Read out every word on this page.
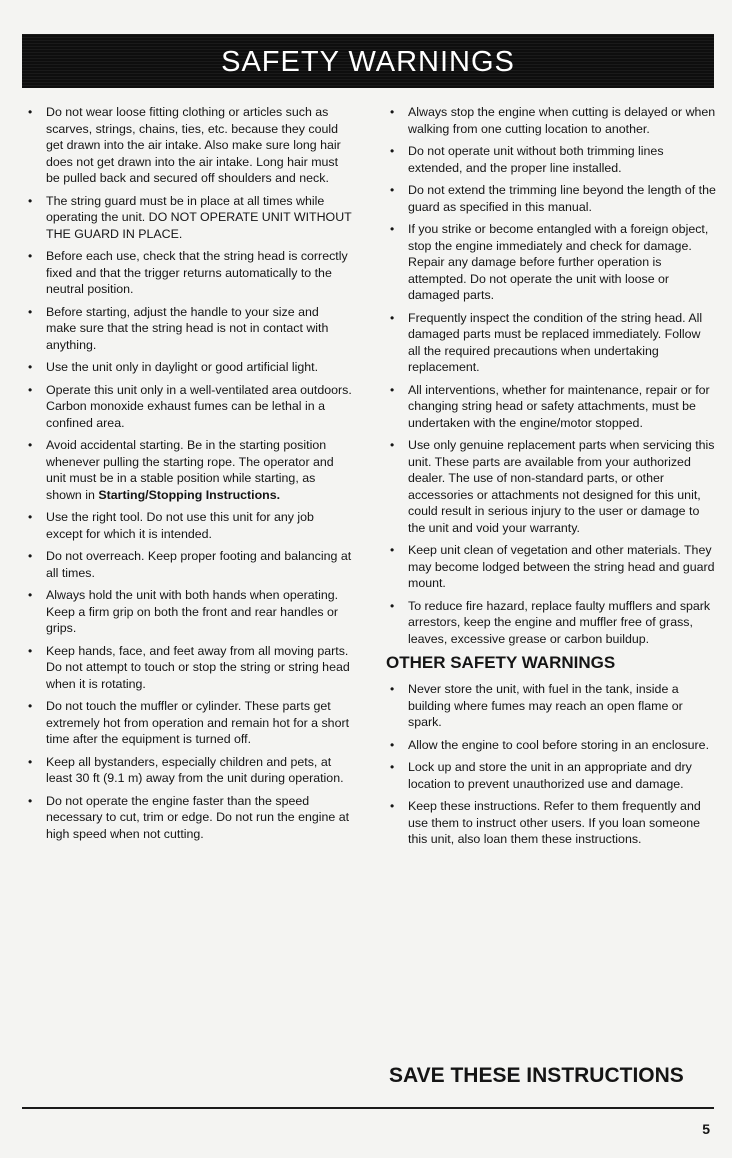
SAFETY WARNINGS
• Do not wear loose fitting clothing or articles such as scarves, strings, chains, ties, etc. because they could get drawn into the air intake. Also make sure long hair does not get drawn into the air intake. Long hair must be pulled back and secured off shoulders and neck.
• The string guard must be in place at all times while operating the unit. DO NOT OPERATE UNIT WITHOUT THE GUARD IN PLACE.
• Before each use, check that the string head is correctly fixed and that the trigger returns automatically to the neutral position.
• Before starting, adjust the handle to your size and make sure that the string head is not in contact with anything.
• Use the unit only in daylight or good artificial light.
• Operate this unit only in a well-ventilated area outdoors. Carbon monoxide exhaust fumes can be lethal in a confined area.
• Avoid accidental starting. Be in the starting position whenever pulling the starting rope. The operator and unit must be in a stable position while starting, as shown in Starting/Stopping Instructions.
• Use the right tool. Do not use this unit for any job except for which it is intended.
• Do not overreach. Keep proper footing and balancing at all times.
• Always hold the unit with both hands when operating. Keep a firm grip on both the front and rear handles or grips.
• Keep hands, face, and feet away from all moving parts. Do not attempt to touch or stop the string or string head when it is rotating.
• Do not touch the muffler or cylinder. These parts get extremely hot from operation and remain hot for a short time after the equipment is turned off.
• Keep all bystanders, especially children and pets, at least 30 ft (9.1 m) away from the unit during operation.
• Do not operate the engine faster than the speed necessary to cut, trim or edge. Do not run the engine at high speed when not cutting.
• Always stop the engine when cutting is delayed or when walking from one cutting location to another.
• Do not operate unit without both trimming lines extended, and the proper line installed.
• Do not extend the trimming line beyond the length of the guard as specified in this manual.
• If you strike or become entangled with a foreign object, stop the engine immediately and check for damage. Repair any damage before further operation is attempted. Do not operate the unit with loose or damaged parts.
• Frequently inspect the condition of the string head. All damaged parts must be replaced immediately. Follow all the required precautions when undertaking replacement.
• All interventions, whether for maintenance, repair or for changing string head or safety attachments, must be undertaken with the engine/motor stopped.
• Use only genuine replacement parts when servicing this unit. These parts are available from your authorized dealer. The use of non-standard parts, or other accessories or attachments not designed for this unit, could result in serious injury to the user or damage to the unit and void your warranty.
• Keep unit clean of vegetation and other materials. They may become lodged between the string head and guard mount.
• To reduce fire hazard, replace faulty mufflers and spark arrestors, keep the engine and muffler free of grass, leaves, excessive grease or carbon buildup.
OTHER SAFETY WARNINGS
• Never store the unit, with fuel in the tank, inside a building where fumes may reach an open flame or spark.
• Allow the engine to cool before storing in an enclosure.
• Lock up and store the unit in an appropriate and dry location to prevent unauthorized use and damage.
• Keep these instructions. Refer to them frequently and use them to instruct other users. If you loan someone this unit, also loan them these instructions.
SAVE THESE INSTRUCTIONS
5
